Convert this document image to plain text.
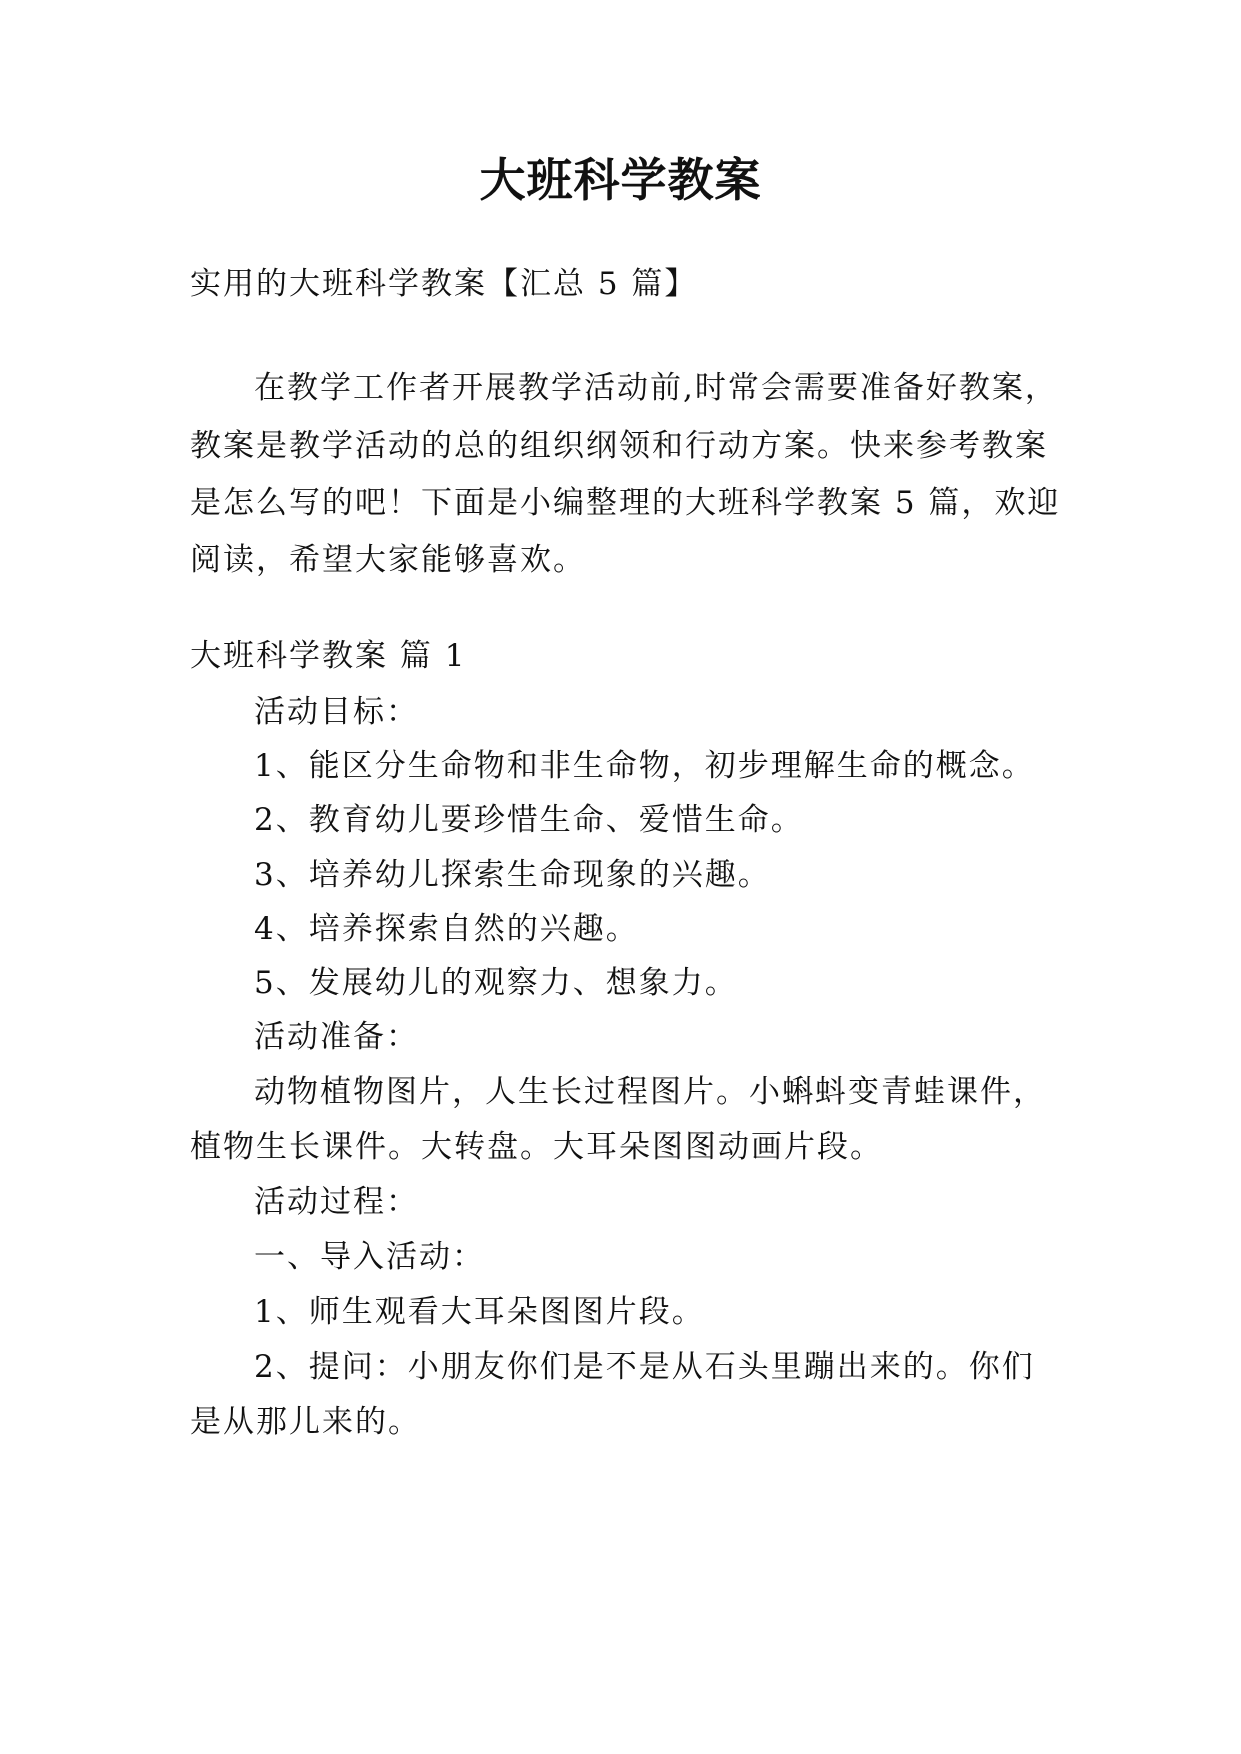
大班科学教案
实用的大班科学教案【汇总 5 篇】
在教学工作者开展教学活动前,时常会需要准备好教案，
教案是教学活动的总的组织纲领和行动方案。快来参考教案
是怎么写的吧！下面是小编整理的大班科学教案 5 篇，欢迎
阅读，希望大家能够喜欢。
大班科学教案 篇 1
活动目标：
1、能区分生命物和非生命物，初步理解生命的概念。
2、教育幼儿要珍惜生命、爱惜生命。
3、培养幼儿探索生命现象的兴趣。
4、培养探索自然的兴趣。
5、发展幼儿的观察力、想象力。
活动准备：
动物植物图片，人生长过程图片。小蝌蚪变青蛙课件，
植物生长课件。大转盘。大耳朵图图动画片段。
活动过程：
一、导入活动：
1、师生观看大耳朵图图片段。
2、提问：小朋友你们是不是从石头里蹦出来的。你们
是从那儿来的。
